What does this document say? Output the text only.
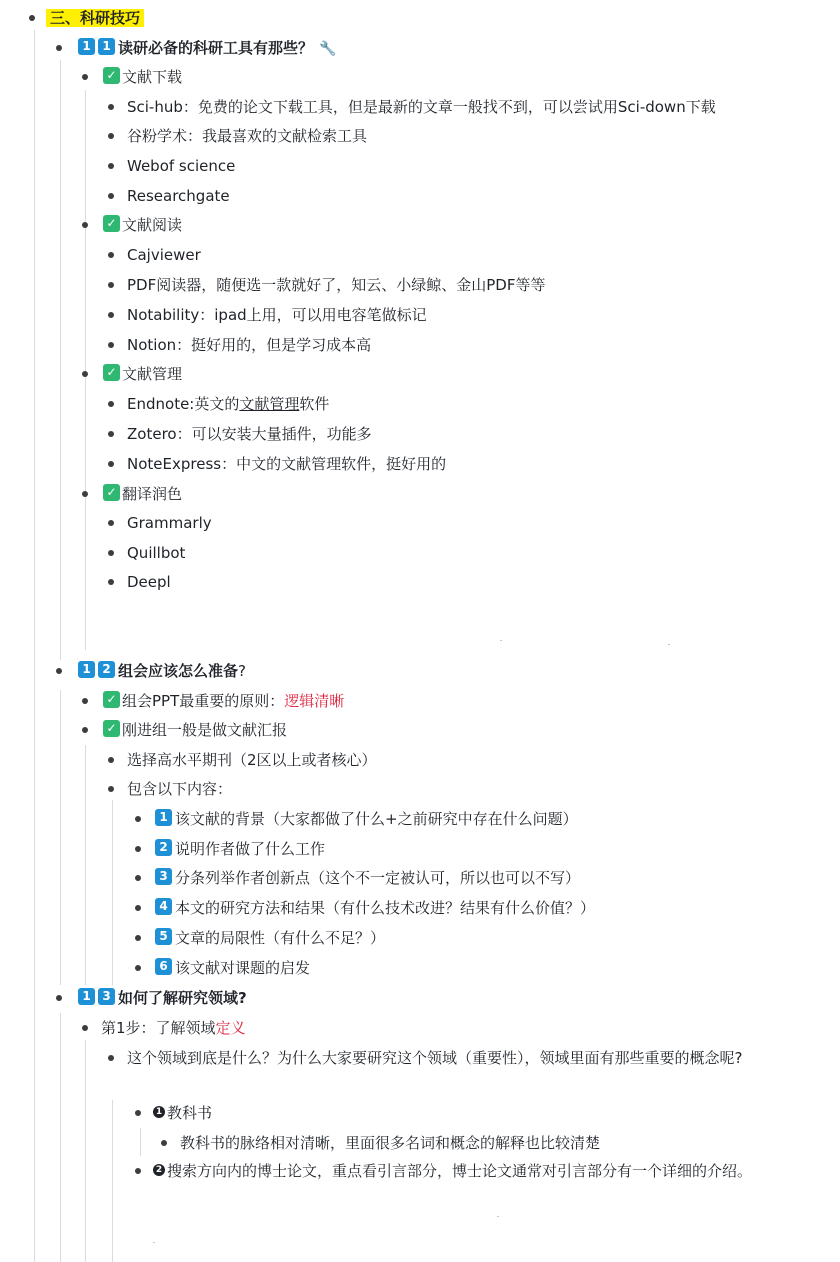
三、科研技巧
1 1 读研必备的科研工具有那些？ 🔧
✓ 文献下载
Sci-hub：免费的论文下载工具，但是最新的文章一般找不到，可以尝试用Sci-down下载
谷粉学术：我最喜欢的文献检索工具
Webof science
Researchgate
✓ 文献阅读
Cajviewer
PDF阅读器，随便选一款就好了，知云、小绿鲸、金山PDF等等
Notability：ipad上用，可以用电容笔做标记
Notion：挺好用的，但是学习成本高
✓ 文献管理
Endnote:英文的文献管理软件
Zotero：可以安装大量插件，功能多
NoteExpress：中文的文献管理软件，挺好用的
✓ 翻译润色
Grammarly
Quillbot
Deepl
1 2 组会应该怎么准备?
✓ 组会PPT最重要的原则：逻辑清晰
✓ 刚进组一般是做文献汇报
选择高水平期刊（2区以上或者核心）
包含以下内容：
1 该文献的背景（大家都做了什么+之前研究中存在什么问题）
2 说明作者做了什么工作
3 分条列举作者创新点（这个不一定被认可，所以也可以不写）
4 本文的研究方法和结果（有什么技术改进？结果有什么价值？）
5 文章的局限性（有什么不足？）
6 该文献对课题的启发
1 3 如何了解研究领域?
第1步：了解领域定义
这个领域到底是什么？为什么大家要研究这个领域（重要性），领域里面有那些重要的概念呢?
1 教科书
教科书的脉络相对清晰，里面很多名词和概念的解释也比较清楚
2 搜索方向内的博士论文，重点看引言部分，博士论文通常对引言部分有一个详细的介绍。
